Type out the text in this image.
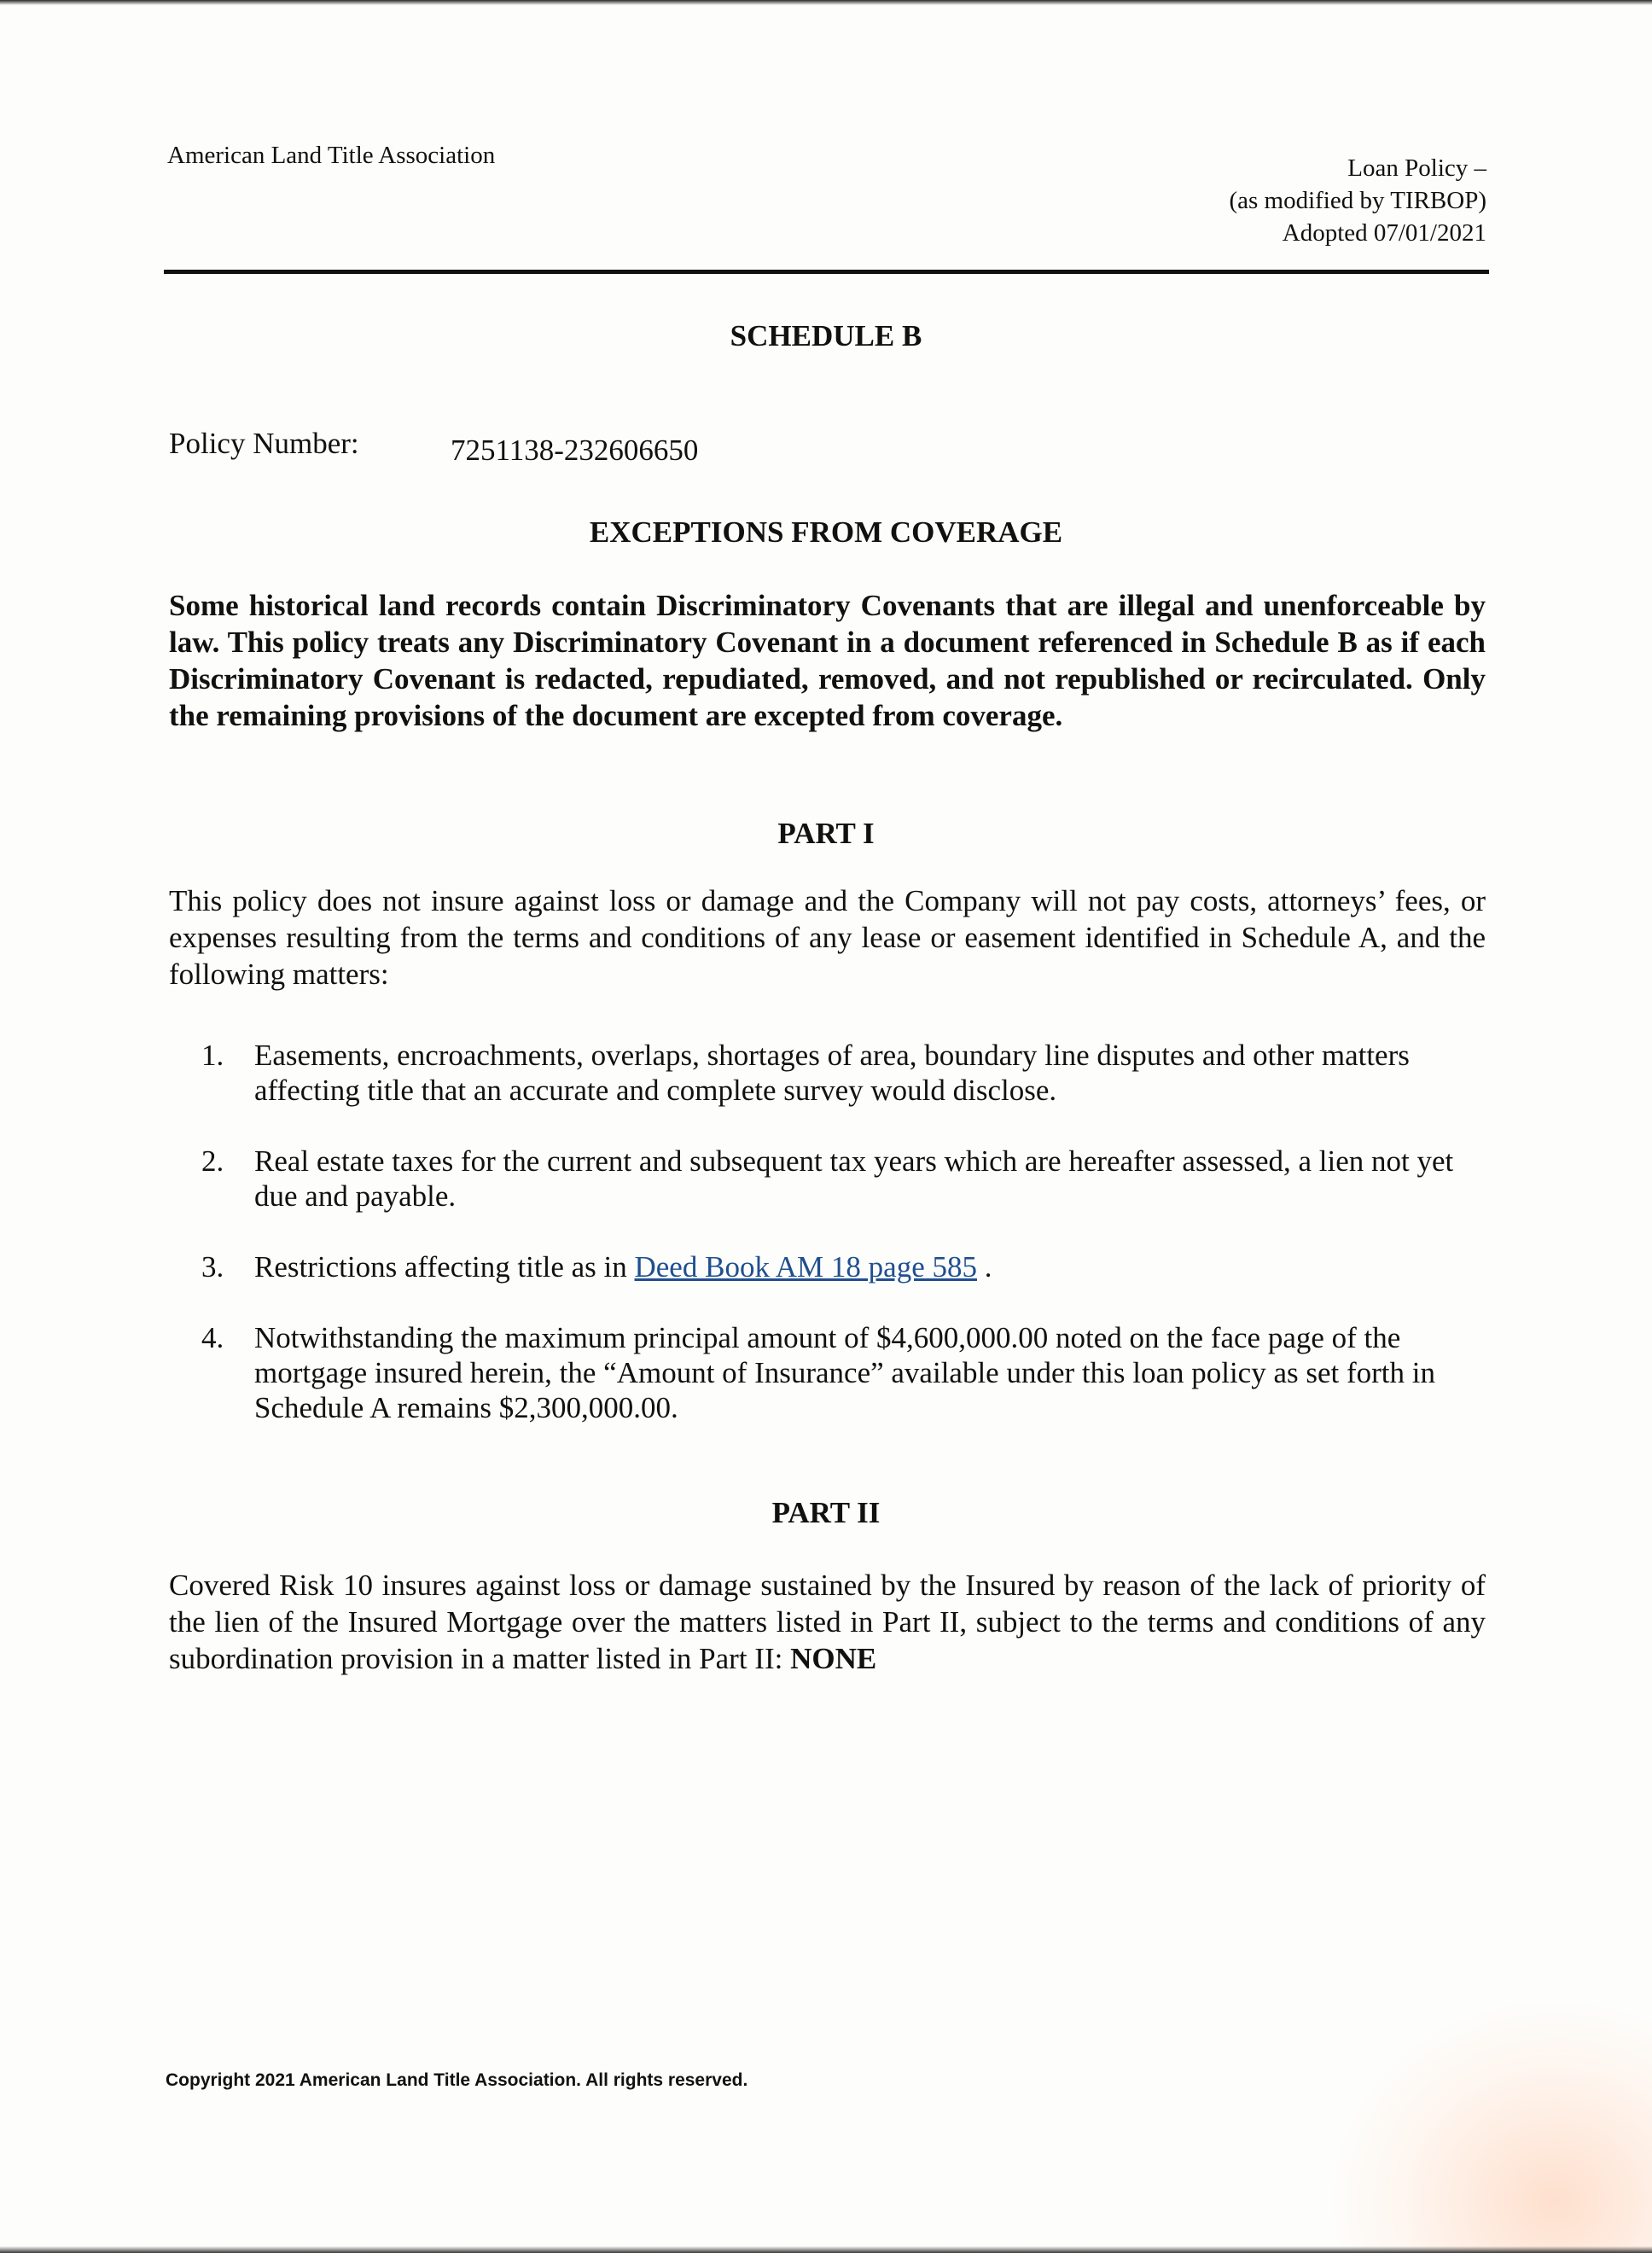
American Land Title Association	Loan Policy –
(as modified by TIRBOP)
Adopted 07/01/2021
SCHEDULE B
Policy Number:	7251138-232606650
EXCEPTIONS FROM COVERAGE
Some historical land records contain Discriminatory Covenants that are illegal and unenforceable by law. This policy treats any Discriminatory Covenant in a document referenced in Schedule B as if each Discriminatory Covenant is redacted, repudiated, removed, and not republished or recirculated. Only the remaining provisions of the document are excepted from coverage.
PART I
This policy does not insure against loss or damage and the Company will not pay costs, attorneys’ fees, or expenses resulting from the terms and conditions of any lease or easement identified in Schedule A, and the following matters:
1. Easements, encroachments, overlaps, shortages of area, boundary line disputes and other matters affecting title that an accurate and complete survey would disclose.
2. Real estate taxes for the current and subsequent tax years which are hereafter assessed, a lien not yet due and payable.
3. Restrictions affecting title as in Deed Book AM 18 page 585 .
4. Notwithstanding the maximum principal amount of $4,600,000.00 noted on the face page of the mortgage insured herein, the “Amount of Insurance” available under this loan policy as set forth in Schedule A remains $2,300,000.00.
PART II
Covered Risk 10 insures against loss or damage sustained by the Insured by reason of the lack of priority of the lien of the Insured Mortgage over the matters listed in Part II, subject to the terms and conditions of any subordination provision in a matter listed in Part II: NONE
Copyright 2021 American Land Title Association. All rights reserved.
